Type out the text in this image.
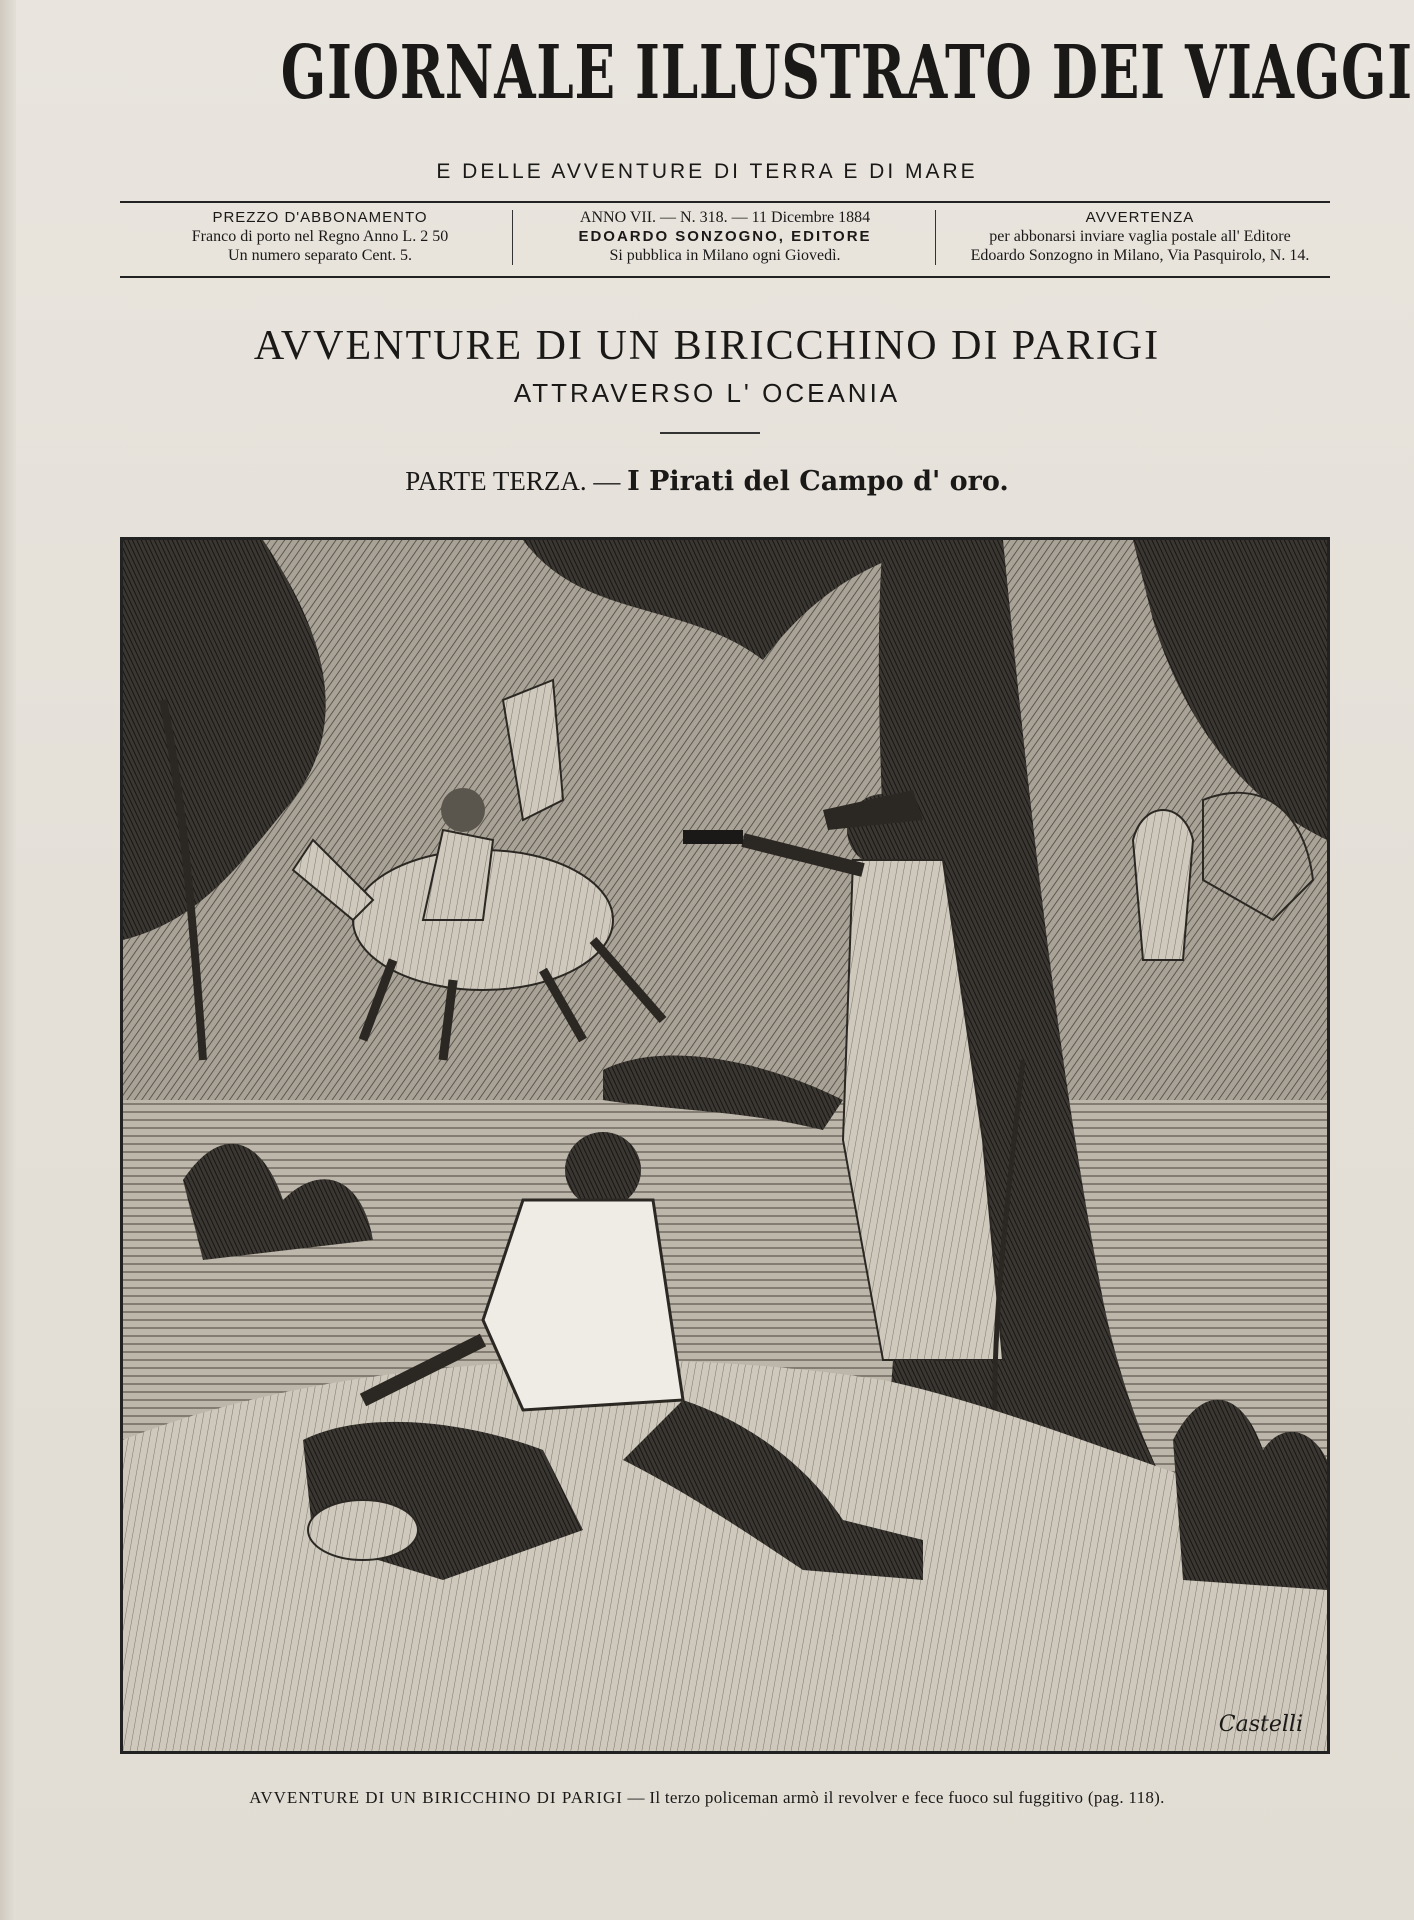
GIORNALE ILLUSTRATO DEI VIAGGI
E DELLE AVVENTURE DI TERRA E DI MARE
PREZZO D'ABBONAMENTO
Franco di porto nel Regno Anno L. 2 50
Un numero separato Cent. 5.
ANNO VII. — N. 318. — 11 Dicembre 1884
EDOARDO SONZOGNO, EDITORE
Si pubblica in Milano ogni Giovedì.
AVVERTENZA
per abbonarsi inviare vaglia postale all' Editore
Edoardo Sonzogno in Milano, Via Pasquirolo, N. 14.
AVVENTURE DI UN BIRICCHINO DI PARIGI
ATTRAVERSO L' OCEANIA
PARTE TERZA. — I Pirati del Campo d' oro.
Castelli
AVVENTURE DI UN BIRICCHINO DI PARIGI — Il terzo policeman armò il revolver e fece fuoco sul fuggitivo (pag. 118).
